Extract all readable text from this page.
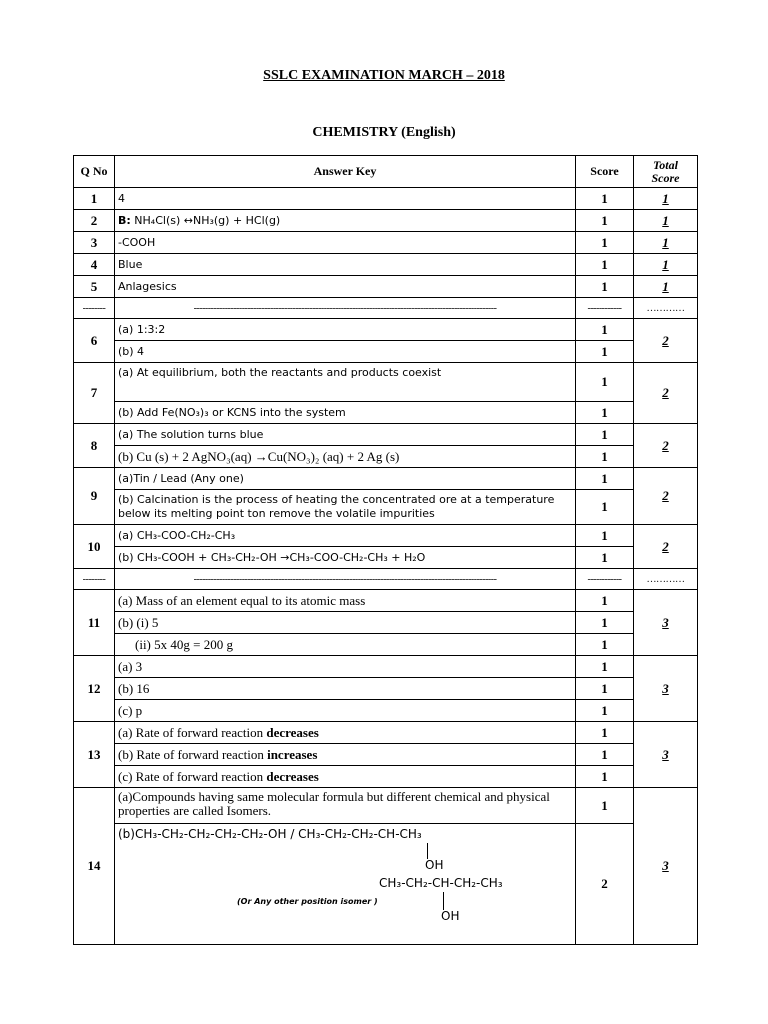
SSLC EXAMINATION MARCH – 2018
CHEMISTRY (English)
Q No	Answer Key	Score	Total
Score
1	4	1	1
2	B: NH₄Cl(s) ↔NH₃(g) + HCl(g)	1	1
3	-COOH	1	1
4	Blue	1	1
5	Anlagesics	1	1
--------	-----------------------------------------------------------------------------------------------------------	------------	…………
6	(a) 1:3:2	1	2
	(b) 4	1	
7	(a) At equilibrium, both the reactants and products coexist	1	2
	(b) Add Fe(NO₃)₃ or KCNS into the system	1	
8	(a) The solution turns blue	1	2
	(b) Cu (s) + 2 AgNO₃(aq) →Cu(NO₃)₂ (aq) + 2 Ag (s)	1	
9	(a)Tin / Lead (Any one)	1	2
	(b) Calcination is the process of heating the concentrated ore at a temperature below its melting point ton remove the volatile impurities	1	
10	(a) CH₃-COO-CH₂-CH₃	1	2
	(b) CH₃-COOH + CH₃-CH₂-OH →CH₃-COO-CH₂-CH₃ + H₂O	1	
--------	-----------------------------------------------------------------------------------------------------------	------------	…………
11	(a) Mass of an element equal to its atomic mass	1	3
	(b) (i) 5	1	
	(ii) 5x 40g = 200 g	1	
12	(a) 3	1	3
	(b) 16	1	
	(c) p	1	
13	(a) Rate of forward reaction decreases	1	3
	(b) Rate of forward reaction increases	1	
	(c) Rate of forward reaction decreases	1	
14	(a)Compounds having same molecular formula but different chemical and physical properties are called Isomers.	1	3

	(b)CH₃-CH₂-CH₂-CH₂-CH₂-OH / CH₃-CH₂-CH₂-CH-CH₃
OH
CH₃-CH₂-CH-CH₂-CH₃
OH
(Or Any other position isomer )	2	
